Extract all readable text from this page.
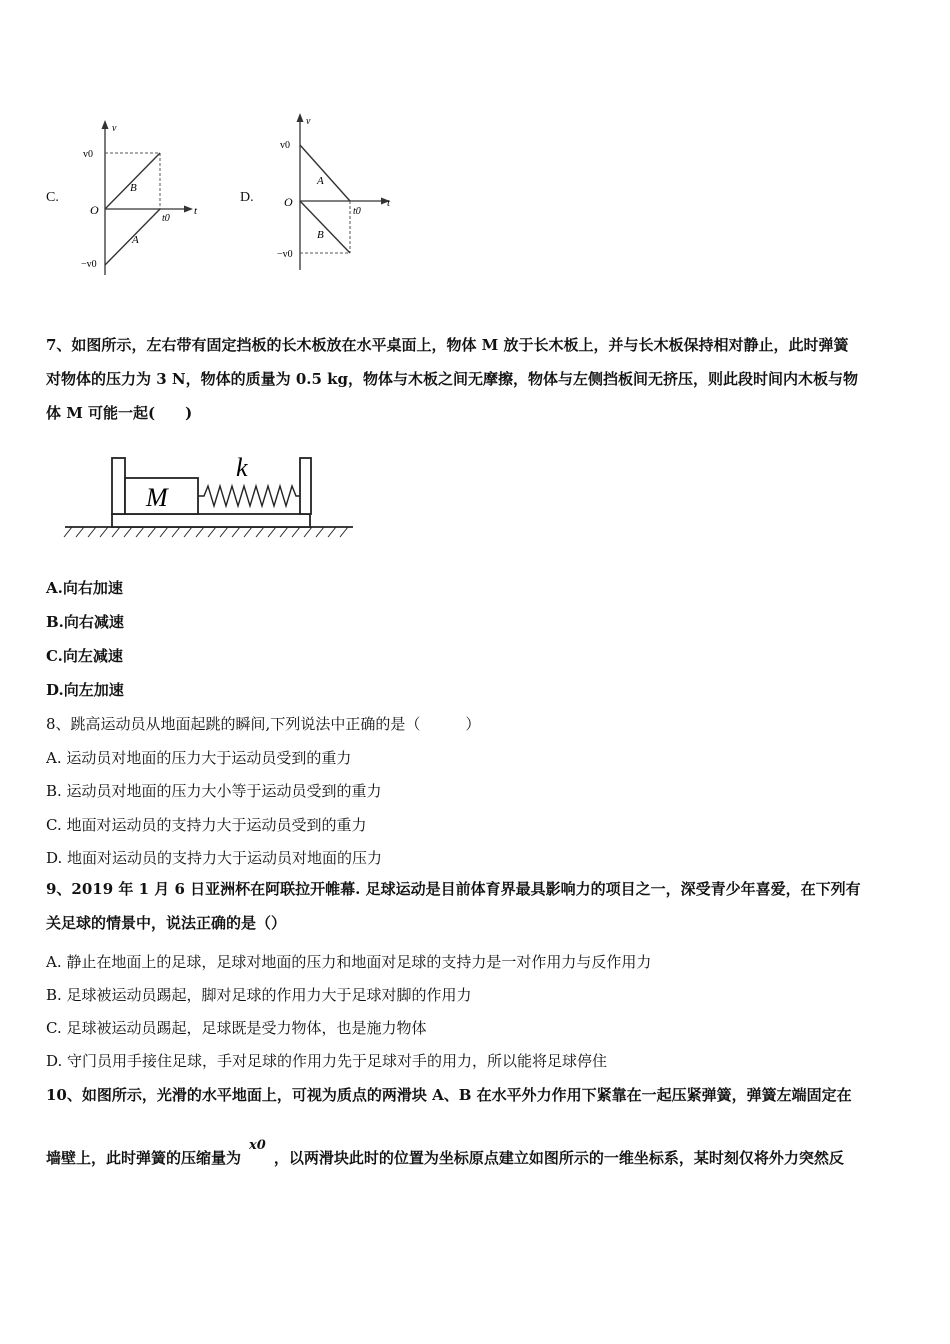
C.
v
v0
−v0
O	t
t0
B
A
D.
v
v0
−v0
O	t
t0
A
B
7、如图所示，左右带有固定挡板的长木板放在水平桌面上，物体 M 放于长木板上，并与长木板保持相对静止，此时弹簧
对物体的压力为 3 N，物体的质量为 0.5 kg，物体与木板之间无摩擦，物体与左侧挡板间无挤压，则此段时间内木板与物
体 M 可能一起(　　)
M
k
A.向右加速
B.向右减速
C.向左减速
D.向左加速
8、跳高运动员从地面起跳的瞬间,下列说法中正确的是（　　　）
A. 运动员对地面的压力大于运动员受到的重力
B. 运动员对地面的压力大小等于运动员受到的重力
C. 地面对运动员的支持力大于运动员受到的重力
D. 地面对运动员的支持力大于运动员对地面的压力
9、2019 年 1 月 6 日亚洲杯在阿联拉开帷幕. 足球运动是目前体育界最具影响力的项目之一，深受青少年喜爱，在下列有
关足球的情景中，说法正确的是（）
A. 静止在地面上的足球，足球对地面的压力和地面对足球的支持力是一对作用力与反作用力
B. 足球被运动员踢起，脚对足球的作用力大于足球对脚的作用力
C. 足球被运动员踢起，足球既是受力物体，也是施力物体
D. 守门员用手接住足球，手对足球的作用力先于足球对手的用力，所以能将足球停住
10、如图所示，光滑的水平地面上，可视为质点的两滑块 A、B 在水平外力作用下紧靠在一起压紧弹簧，弹簧左端固定在
墙壁上，此时弹簧的压缩量为x0，以两滑块此时的位置为坐标原点建立如图所示的一维坐标系，某时刻仅将外力突然反
